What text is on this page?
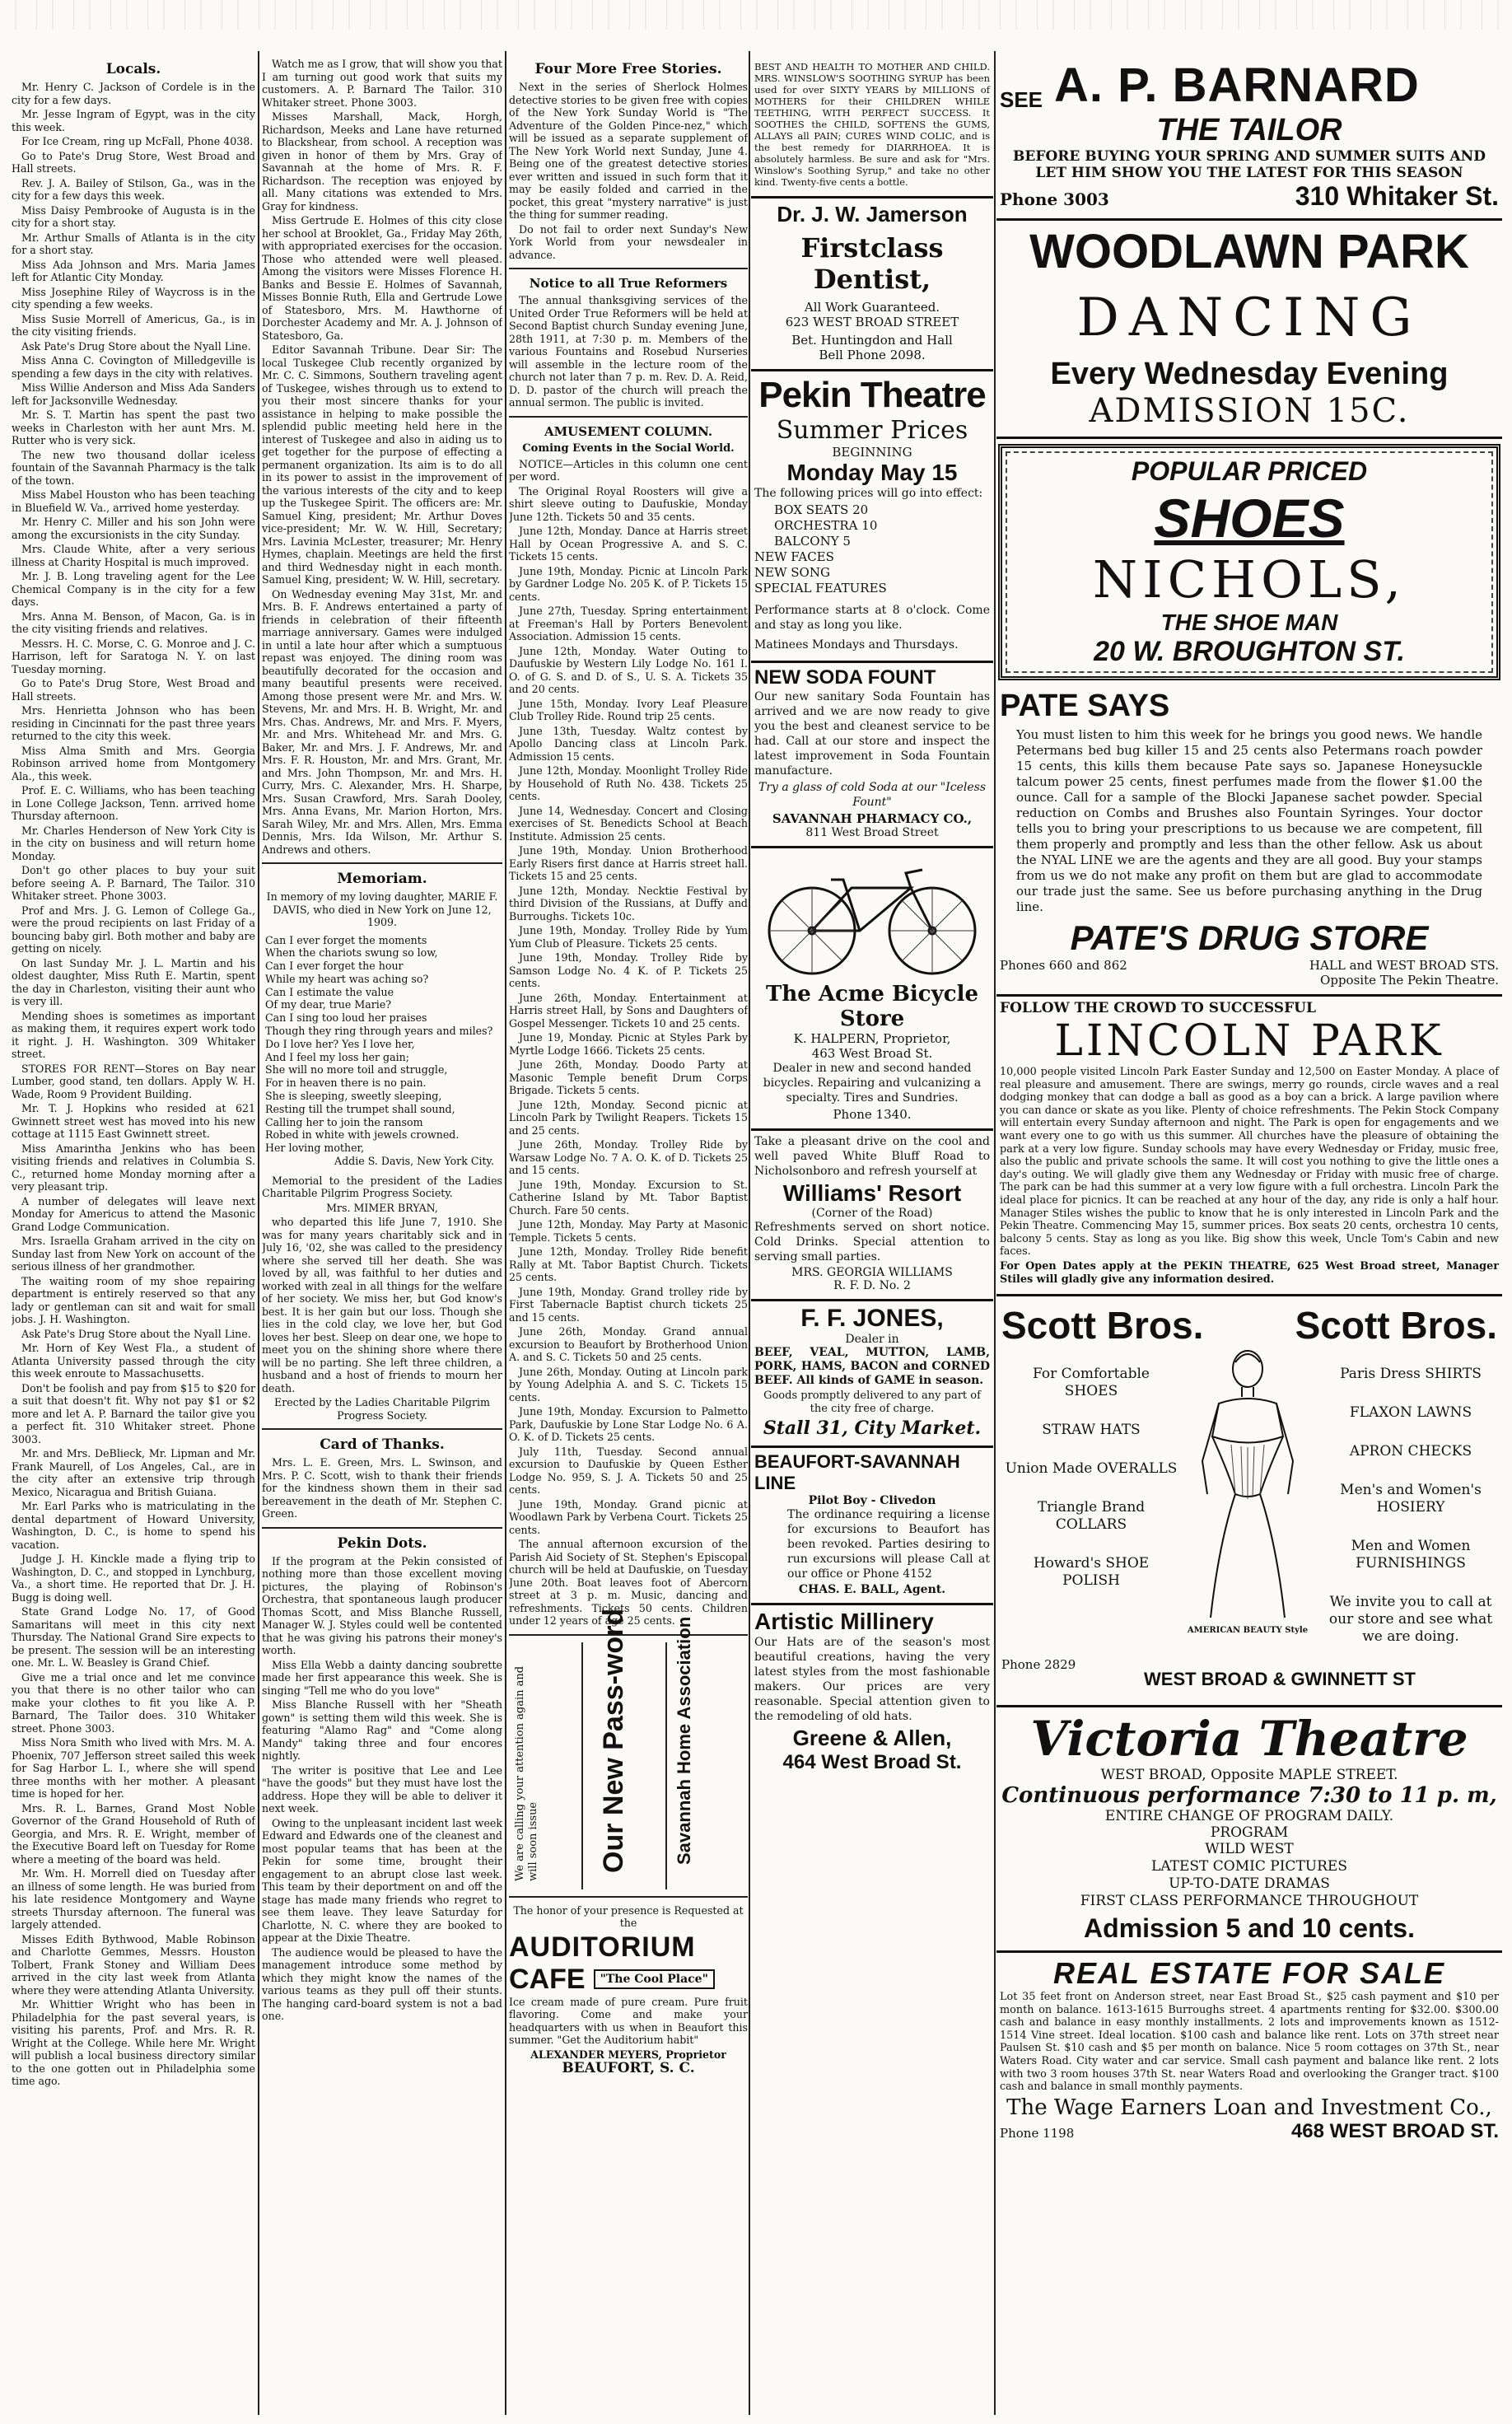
Locals.

Mr. Henry C. Jackson of Cordele is in the city for a few days.

Mr. Jesse Ingram of Egypt, was in the city this week.

For Ice Cream, ring up McFall, Phone 4038.

Go to Pate's Drug Store, West Broad and Hall streets.

Rev. J. A. Bailey of Stilson, Ga., was in the city for a few days this week.

Miss Daisy Pembrooke of Augusta is in the city for a short stay.

Mr. Arthur Smalls of Atlanta is in the city for a short stay.

Miss Ada Johnson and Mrs. Maria James left for Atlantic City Monday.

Miss Josephine Riley of Waycross is in the city spending a few weeks.

Miss Susie Morrell of Americus, Ga., is in the city visiting friends.

Ask Pate's Drug Store about the Nyall Line.

Miss Anna C. Covington of Milledgeville is spending a few days in the city with relatives.

Miss Willie Anderson and Miss Ada Sanders left for Jacksonville Wednesday.

Mr. S. T. Martin has spent the past two weeks in Charleston with her aunt Mrs. M. Rutter who is very sick.

The new two thousand dollar iceless fountain of the Savannah Pharmacy is the talk of the town.

Miss Mabel Houston who has been teaching in Bluefield W. Va., arrived home yesterday.

Mr. Henry C. Miller and his son John were among the excursionists in the city Sunday.

Mrs. Claude White, after a very serious illness at Charity Hospital is much improved.

Mr. J. B. Long traveling agent for the Lee Chemical Company is in the city for a few days.

Mrs. Anna M. Benson, of Macon, Ga. is in the city visiting friends and relatives.

Messrs. H. C. Morse, C. G. Monroe and J. C. Harrison, left for Saratoga N. Y. on last Tuesday morning.

Go to Pate's Drug Store, West Broad and Hall streets.

Mrs. Henrietta Johnson who has been residing in Cincinnati for the past three years returned to the city this week.

Miss Alma Smith and Mrs. Georgia Robinson arrived home from Montgomery Ala., this week.

Prof. E. C. Williams, who has been teaching in Lone College Jackson, Tenn. arrived home Thursday afternoon.

Mr. Charles Henderson of New York City is in the city on business and will return home Monday.

Don't go other places to buy your suit before seeing A. P. Barnard, The Tailor. 310 Whitaker street. Phone 3003.

Prof and Mrs. J. G. Lemon of College Ga., were the proud recipients on last Friday of a bouncing baby girl. Both mother and baby are getting on nicely.

On last Sunday Mr. J. L. Martin and his oldest daughter, Miss Ruth E. Martin, spent the day in Charleston, visiting their aunt who is very ill.

Mending shoes is sometimes as important as making them, it requires expert work todo it right. J. H. Washington. 309 Whitaker street.

STORES FOR RENT—Stores on Bay near Lumber, good stand, ten dollars. Apply W. H. Wade, Room 9 Provident Building.

Mr. T. J. Hopkins who resided at 621 Gwinnett street west has moved into his new cottage at 1115 East Gwinnett street.

Miss Amarintha Jenkins who has been visiting friends and relatives in Columbia S. C., returned home Monday morning after a very pleasant trip.

A number of delegates will leave next Monday for Americus to attend the Masonic Grand Lodge Communication.

Mrs. Israella Graham arrived in the city on Sunday last from New York on account of the serious illness of her grandmother.

The waiting room of my shoe repairing department is entirely reserved so that any lady or gentleman can sit and wait for small jobs. J. H. Washington.

Ask Pate's Drug Store about the Nyall Line.

Mr. Horn of Key West Fla., a student of Atlanta University passed through the city this week enroute to Massachusetts.

Don't be foolish and pay from $15 to $20 for a suit that doesn't fit. Why not pay $1 or $2 more and let A. P. Barnard the tailor give you a perfect fit. 310 Whitaker street. Phone 3003.

Mr. and Mrs. DeBlieck, Mr. Lipman and Mr. Frank Maurell, of Los Angeles, Cal., are in the city after an extensive trip through Mexico, Nicaragua and British Guiana.

Mr. Earl Parks who is matriculating in the dental department of Howard University, Washington, D. C., is home to spend his vacation.

Judge J. H. Kinckle made a flying trip to Washington, D. C., and stopped in Lynchburg, Va., a short time. He reported that Dr. J. H. Bugg is doing well.

State Grand Lodge No. 17, of Good Samaritans will meet in this city next Thursday. The National Grand Sire expects to be present. The session will be an interesting one. Mr. L. W. Beasley is Grand Chief.

Give me a trial once and let me convince you that there is no other tailor who can make your clothes to fit you like A. P. Barnard, The Tailor does. 310 Whitaker street. Phone 3003.

Miss Nora Smith who lived with Mrs. M. A. Phoenix, 707 Jefferson street sailed this week for Sag Harbor L. I., where she will spend three months with her mother. A pleasant time is hoped for her.

Mrs. R. L. Barnes, Grand Most Noble Governor of the Grand Household of Ruth of Georgia, and Mrs. R. E. Wright, member of the Executive Board left on Tuesday for Rome where a meeting of the board was held.

Mr. Wm. H. Morrell died on Tuesday after an illness of some length. He was buried from his late residence Montgomery and Wayne streets Thursday afternoon. The funeral was largely attended.

Misses Edith Bythwood, Mable Robinson and Charlotte Gemmes, Messrs. Houston Tolbert, Frank Stoney and William Dees arrived in the city last week from Atlanta where they were attending Atlanta University.

Mr. Whittier Wright who has been in Philadelphia for the past several years, is visiting his parents, Prof. and Mrs. R. R. Wright at the College. While here Mr. Wright will publish a local business directory similar to the one gotten out in Philadelphia some time ago.

Watch me as I grow, that will show you that I am turning out good work that suits my customers. A. P. Barnard The Tailor. 310 Whitaker street. Phone 3003.

Misses Marshall, Mack, Horgh, Richardson, Meeks and Lane have returned to Blackshear, from school. A reception was given in honor of them by Mrs. Gray of Savannah at the home of Mrs. R. F. Richardson. The reception was enjoyed by all. Many citations was extended to Mrs. Gray for kindness.

Miss Gertrude E. Holmes of this city close her school at Brooklet, Ga., Friday May 26th, with appropriated exercises for the occasion. Those who attended were well pleased. Among the visitors were Misses Florence H. Banks and Bessie E. Holmes of Savannah, Misses Bonnie Ruth, Ella and Gertrude Lowe of Statesboro, Mrs. M. Hawthorne of Dorchester Academy and Mr. A. J. Johnson of Statesboro, Ga.

Editor Savannah Tribune. Dear Sir: The local Tuskegee Club recently organized by Mr. C. C. Simmons, Southern traveling agent of Tuskegee, wishes through us to extend to you their most sincere thanks for your assistance in helping to make possible the splendid public meeting held here in the interest of Tuskegee and also in aiding us to get together for the purpose of effecting a permanent organization. Its aim is to do all in its power to assist in the improvement of the various interests of the city and to keep up the Tuskegee Spirit. The officers are: Mr. Samuel King, president; Mr. Arthur Doves vice-president; Mr. W. W. Hill, Secretary; Mrs. Lavinia McLester, treasurer; Mr. Henry Hymes, chaplain. Meetings are held the first and third Wednesday night in each month. Samuel King, president; W. W. Hill, secretary.

On Wednesday evening May 31st, Mr. and Mrs. B. F. Andrews entertained a party of friends in celebration of their fifteenth marriage anniversary. Games were indulged in until a late hour after which a sumptuous repast was enjoyed. The dining room was beautifully decorated for the occasion and many beautiful presents were received. Among those present were Mr. and Mrs. W. Stevens, Mr. and Mrs. H. B. Wright, Mr. and Mrs. Chas. Andrews, Mr. and Mrs. F. Myers, Mr. and Mrs. Whitehead Mr. and Mrs. G. Baker, Mr. and Mrs. J. F. Andrews, Mr. and Mrs. F. R. Houston, Mr. and Mrs. Grant, Mr. and Mrs. John Thompson, Mr. and Mrs. H. Curry, Mrs. C. Alexander, Mrs. H. Sharpe, Mrs. Susan Crawford, Mrs. Sarah Dooley, Mrs. Anna Evans, Mr. Marion Horton, Mrs. Sarah Wiley, Mr. and Mrs. Allen, Mrs. Emma Dennis, Mrs. Ida Wilson, Mr. Arthur S. Andrews and others.

Memoriam.

In memory of my loving daughter, MARIE F. DAVIS, who died in New York on June 12, 1909.

Can I ever forget the moments

When the chariots swung so low,

Can I ever forget the hour

While my heart was aching so?

Can I estimate the value

Of my dear, true Marie?

Can I sing too loud her praises

Though they ring through years and miles?

Do I love her? Yes I love her,

And I feel my loss her gain;

She will no more toil and struggle,

For in heaven there is no pain.

She is sleeping, sweetly sleeping,

Resting till the trumpet shall sound,

Calling her to join the ransom

Robed in white with jewels crowned.

Her loving mother,

Addie S. Davis, New York City.

Memorial to the president of the Ladies Charitable Pilgrim Progress Society.

Mrs. MIMER BRYAN,

who departed this life June 7, 1910. She was for many years charitably sick and in July 16, '02, she was called to the presidency where she served till her death. She was loved by all, was faithful to her duties and worked with zeal in all things for the welfare of her society. We miss her, but God know's best. It is her gain but our loss. Though she lies in the cold clay, we love her, but God loves her best. Sleep on dear one, we hope to meet you on the shining shore where there will be no parting. She left three children, a husband and a host of friends to mourn her death.

Erected by the Ladies Charitable Pilgrim Progress Society.

Card of Thanks.

Mrs. L. E. Green, Mrs. L. Swinson, and Mrs. P. C. Scott, wish to thank their friends for the kindness shown them in their sad bereavement in the death of Mr. Stephen C. Green.

Pekin Dots.

If the program at the Pekin consisted of nothing more than those excellent moving pictures, the playing of Robinson's Orchestra, that spontaneous laugh producer Thomas Scott, and Miss Blanche Russell, Manager W. J. Styles could well be contented that he was giving his patrons their money's worth.

Miss Ella Webb a dainty dancing soubrette made her first appearance this week. She is singing "Tell me who do you love"

Miss Blanche Russell with her "Sheath gown" is setting them wild this week. She is featuring "Alamo Rag" and "Come along Mandy" taking three and four encores nightly.

The writer is positive that Lee and Lee "have the goods" but they must have lost the address. Hope they will be able to deliver it next week.

Owing to the unpleasant incident last week Edward and Edwards one of the cleanest and most popular teams that has been at the Pekin for some time, brought their engagement to an abrupt close last week. This team by their deportment on and off the stage has made many friends who regret to see them leave. They leave Saturday for Charlotte, N. C. where they are booked to appear at the Dixie Theatre.

The audience would be pleased to have the management introduce some method by which they might know the names of the various teams as they pull off their stunts. The hanging card-board system is not a bad one.

Four More Free Stories.

Next in the series of Sherlock Holmes detective stories to be given free with copies of the New York Sunday World is "The Adventure of the Golden Pince-nez," which will be issued as a separate supplement of The New York World next Sunday, June 4. Being one of the greatest detective stories ever written and issued in such form that it may be easily folded and carried in the pocket, this great "mystery narrative" is just the thing for summer reading.

Do not fail to order next Sunday's New York World from your newsdealer in advance.

Notice to all True Reformers

The annual thanksgiving services of the United Order True Reformers will be held at Second Baptist church Sunday evening June, 28th 1911, at 7:30 p. m. Members of the various Fountains and Rosebud Nurseries will assemble in the lecture room of the church not later than 7 p. m. Rev. D. A. Reid, D. D. pastor of the church will preach the annual sermon. The public is invited.

AMUSEMENT COLUMN.
Coming Events in the Social World.

NOTICE—Articles in this column one cent per word.

The Original Royal Roosters will give a shirt sleeve outing to Daufuskie, Monday June 12th. Tickets 50 and 35 cents.

June 12th, Monday. Dance at Harris street Hall by Ocean Progressive A. and S. C. Tickets 15 cents.

June 19th, Monday. Picnic at Lincoln Park by Gardner Lodge No. 205 K. of P. Tickets 15 cents.

June 27th, Tuesday. Spring entertainment at Freeman's Hall by Porters Benevolent Association. Admission 15 cents.

June 12th, Monday. Water Outing to Daufuskie by Western Lily Lodge No. 161 I. O. of G. S. and D. of S., U. S. A. Tickets 35 and 20 cents.

June 15th, Monday. Ivory Leaf Pleasure Club Trolley Ride. Round trip 25 cents.

June 13th, Tuesday. Waltz contest by Apollo Dancing class at Lincoln Park. Admission 15 cents.

June 12th, Monday. Moonlight Trolley Ride by Household of Ruth No. 438. Tickets 25 cents.

June 14, Wednesday. Concert and Closing exercises of St. Benedicts School at Beach Institute. Admission 25 cents.

June 19th, Monday. Union Brotherhood Early Risers first dance at Harris street hall. Tickets 15 and 25 cents.

June 12th, Monday. Necktie Festival by third Division of the Russians, at Duffy and Burroughs. Tickets 10c.

June 19th, Monday. Trolley Ride by Yum Yum Club of Pleasure. Tickets 25 cents.

June 19th, Monday. Trolley Ride by Samson Lodge No. 4 K. of P. Tickets 25 cents.

June 26th, Monday. Entertainment at Harris street Hall, by Sons and Daughters of Gospel Messenger. Tickets 10 and 25 cents.

June 19, Monday. Picnic at Styles Park by Myrtle Lodge 1666. Tickets 25 cents.

June 26th, Monday. Doodo Party at Masonic Temple benefit Drum Corps Brigade. Tickets 5 cents.

June 12th, Monday. Second picnic at Lincoln Park by Twilight Reapers. Tickets 15 and 25 cents.

June 26th, Monday. Trolley Ride by Warsaw Lodge No. 7 A. O. K. of D. Tickets 25 and 15 cents.

June 19th, Monday. Excursion to St. Catherine Island by Mt. Tabor Baptist Church. Fare 50 cents.

June 12th, Monday. May Party at Masonic Temple. Tickets 5 cents.

June 12th, Monday. Trolley Ride benefit Rally at Mt. Tabor Baptist Church. Tickets 25 cents.

June 19th, Monday. Grand trolley ride by First Tabernacle Baptist church tickets 25 and 15 cents.

June 26th, Monday. Grand annual excursion to Beaufort by Brotherhood Union A. and S. C. Tickets 50 and 25 cents.

June 26th, Monday. Outing at Lincoln park by Young Adelphia A. and S. C. Tickets 15 cents.

June 19th, Monday. Excursion to Palmetto Park, Daufuskie by Lone Star Lodge No. 6 A. O. K. of D. Tickets 25 cents.

July 11th, Tuesday. Second annual excursion to Daufuskie by Queen Esther Lodge No. 959, S. J. A. Tickets 50 and 25 cents.

June 19th, Monday. Grand picnic at Woodlawn Park by Verbena Court. Tickets 25 cents.

The annual afternoon excursion of the Parish Aid Society of St. Stephen's Episcopal church will be held at Daufuskie, on Tuesday June 20th. Boat leaves foot of Abercorn street at 3 p. m. Music, dancing and refreshments. Tickets 50 cents. Children under 12 years of age 25 cents.

We are calling your attention again and will soon issue Our New Pass-word Savannah Home Association

The honor of your presence is Requested at the

AUDITORIUM
CAFE	"The Cool Place"

Ice cream made of pure cream. Pure fruit flavoring. Come and make your headquarters with us when in Beaufort this summer. "Get the Auditorium habit"

ALEXANDER MEYERS, Proprietor

BEAUFORT, S. C.

BEST AND HEALTH TO MOTHER AND CHILD. MRS. WINSLOW'S SOOTHING SYRUP has been used for over SIXTY YEARS by MILLIONS of MOTHERS for their CHILDREN WHILE TEETHING, WITH PERFECT SUCCESS. It SOOTHES the CHILD, SOFTENS the GUMS, ALLAYS all PAIN; CURES WIND COLIC, and is the best remedy for DIARRHOEA. It is absolutely harmless. Be sure and ask for "Mrs. Winslow's Soothing Syrup," and take no other kind. Twenty-five cents a bottle.

Dr. J. W. Jamerson
Firstclass Dentist,
All Work Guaranteed.
623 WEST BROAD STREET
Bet. Huntingdon and Hall
Bell Phone 2098.
Pekin Theatre
Summer Prices
BEGINNING
Monday May 15

The following prices will go into effect:

BOX SEATS 20
ORCHESTRA 10
BALCONY 5
NEW FACES
NEW SONG
SPECIAL FEATURES

Performance starts at 8 o'clock. Come and stay as long you like.

Matinees Mondays and Thursdays.

NEW SODA FOUNT

Our new sanitary Soda Fountain has arrived and we are now ready to give you the best and cleanest service to be had. Call at our store and inspect the latest improvement in Soda Fountain manufacture.

Try a glass of cold Soda at our "Iceless Fount"

SAVANNAH PHARMACY CO.,
811 West Broad Street
The Acme Bicycle Store
K. HALPERN, Proprietor,
463 West Broad St.

Dealer in new and second handed bicycles. Repairing and vulcanizing a specialty. Tires and Sundries.

Phone 1340.

Take a pleasant drive on the cool and well paved White Bluff Road to Nicholsonboro and refresh yourself at

Williams' Resort
(Corner of the Road)

Refreshments served on short notice. Cold Drinks. Special attention to serving small parties.

MRS. GEORGIA WILLIAMS
R. F. D. No. 2
F. F. JONES,
Dealer in

BEEF, VEAL, MUTTON, LAMB, PORK, HAMS, BACON and CORNED BEEF. All kinds of GAME in season.

Goods promptly delivered to any part of the city free of charge.

Stall 31, City Market.
BEAUFORT-SAVANNAH LINE
Pilot Boy - Clivedon

The ordinance requiring a license for excursions to Beaufort has been revoked. Parties desiring to run excursions will please Call at our office or Phone 4152

CHAS. E. BALL, Agent.
Artistic Millinery

Our Hats are of the season's most beautiful creations, having the very latest styles from the most fashionable makers. Our prices are very reasonable. Special attention given to the remodeling of old hats.

Greene & Allen,
464 West Broad St.
SEE A. P. BARNARD
THE TAILOR
BEFORE BUYING YOUR SPRING AND SUMMER SUITS AND LET HIM SHOW YOU THE LATEST FOR THIS SEASON
Phone 3003	310 Whitaker St.
WOODLAWN PARK
DANCING
Every Wednesday Evening
ADMISSION 15C.
POPULAR PRICED
SHOES
NICHOLS,
THE SHOE MAN
20 W. BROUGHTON ST.
PATE SAYS

You must listen to him this week for he brings you good news. We handle Petermans bed bug killer 15 and 25 cents also Petermans roach powder 15 cents, this kills them because Pate says so. Japanese Honeysuckle talcum power 25 cents, finest perfumes made from the flower $1.00 the ounce. Call for a sample of the Blocki Japanese sachet powder. Special reduction on Combs and Brushes also Fountain Syringes. Your doctor tells you to bring your prescriptions to us because we are competent, fill them properly and promptly and less than the other fellow. Ask us about the NYAL LINE we are the agents and they are all good. Buy your stamps from us we do not make any profit on them but are glad to accommodate our trade just the same. See us before purchasing anything in the Drug line.

PATE'S DRUG STORE
Phones 660 and 862	HALL and WEST BROAD STS.
Opposite The Pekin Theatre.
FOLLOW THE CROWD TO SUCCESSFUL
LINCOLN PARK

10,000 people visited Lincoln Park Easter Sunday and 12,500 on Easter Monday. A place of real pleasure and amusement. There are swings, merry go rounds, circle waves and a real dodging monkey that can dodge a ball as good as a boy can a brick. A large pavilion where you can dance or skate as you like. Plenty of choice refreshments. The Pekin Stock Company will entertain every Sunday afternoon and night. The Park is open for engagements and we want every one to go with us this summer. All churches have the pleasure of obtaining the park at a very low figure. Sunday schools may have every Wednesday or Friday, music free, also the public and private schools the same. It will cost you nothing to give the little ones a day's outing. We will gladly give them any Wednesday or Friday with music free of charge. The park can be had this summer at a very low figure with a full orchestra. Lincoln Park the ideal place for picnics. It can be reached at any hour of the day, any ride is only a half hour. Manager Stiles wishes the public to know that he is only interested in Lincoln Park and the Pekin Theatre. Commencing May 15, summer prices. Box seats 20 cents, orchestra 10 cents, balcony 5 cents. Stay as long as you like. Big show this week, Uncle Tom's Cabin and new faces.

For Open Dates apply at the PEKIN THEATRE, 625 West Broad street, Manager Stiles will gladly give any information desired.

Scott Bros. Scott Bros.
For Comfortable SHOES
STRAW HATS
Union Made OVERALLS
Triangle Brand COLLARS
Howard's SHOE POLISH
Paris Dress SHIRTS
FLAXON LAWNS
APRON CHECKS
Men's and Women's HOSIERY
Men and Women FURNISHINGS
We invite you to call at our store and see what we are doing.
AMERICAN BEAUTY Style
Phone 2829
WEST BROAD & GWINNETT ST
Victoria Theatre
WEST BROAD, Opposite MAPLE STREET.
Continuous performance 7:30 to 11 p. m,
ENTIRE CHANGE OF PROGRAM DAILY.
PROGRAM
WILD WEST
LATEST COMIC PICTURES
UP-TO-DATE DRAMAS
FIRST CLASS PERFORMANCE THROUGHOUT
Admission 5 and 10 cents.
REAL ESTATE FOR SALE

Lot 35 feet front on Anderson street, near East Broad St., $25 cash payment and $10 per month on balance. 1613-1615 Burroughs street. 4 apartments renting for $32.00. $300.00 cash and balance in easy monthly installments. 2 lots and improvements known as 1512-1514 Vine street. Ideal location. $100 cash and balance like rent. Lots on 37th street near Paulsen St. $10 cash and $5 per month on balance. Nice 5 room cottages on 37th St., near Waters Road. City water and car service. Small cash payment and balance like rent. 2 lots with two 3 room houses 37th St. near Waters Road and overlooking the Granger tract. $100 cash and balance in small monthly payments.

The Wage Earners Loan and Investment Co.,
Phone 1198	468 WEST BROAD ST.
